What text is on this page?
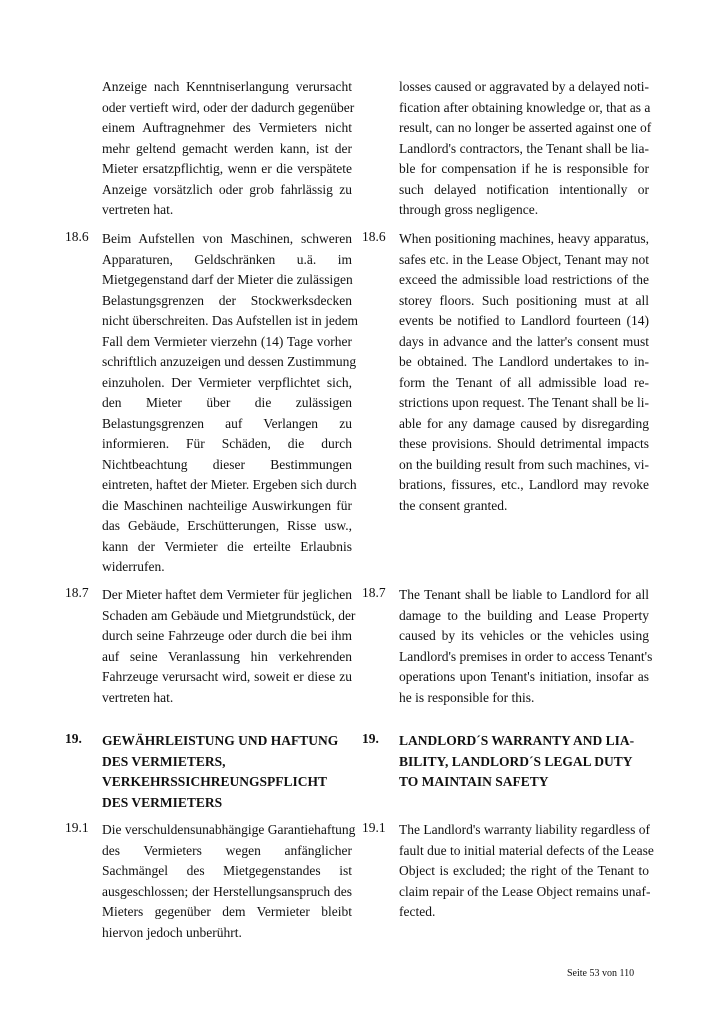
Anzeige nach Kenntniserlangung verursacht
oder vertieft wird, oder der dadurch gegenüber
einem Auftragnehmer des Vermieters nicht
mehr geltend gemacht werden kann, ist der
Mieter ersatzpflichtig, wenn er die verspätete
Anzeige vorsätzlich oder grob fahrlässig zu
vertreten hat.
18.6 Beim Aufstellen von Maschinen, schweren
Apparaturen, Geldschränken u.ä. im
Mietgegenstand darf der Mieter die zulässigen
Belastungsgrenzen der Stockwerksdecken
nicht überschreiten. Das Aufstellen ist in jedem
Fall dem Vermieter vierzehn (14) Tage vorher
schriftlich anzuzeigen und dessen Zustimmung
einzuholen. Der Vermieter verpflichtet sich,
den Mieter über die zulässigen
Belastungsgrenzen auf Verlangen zu
informieren. Für Schäden, die durch
Nichtbeachtung dieser Bestimmungen
eintreten, haftet der Mieter. Ergeben sich durch
die Maschinen nachteilige Auswirkungen für
das Gebäude, Erschütterungen, Risse usw.,
kann der Vermieter die erteilte Erlaubnis
widerrufen.
18.7 Der Mieter haftet dem Vermieter für jeglichen
Schaden am Gebäude und Mietgrundstück, der
durch seine Fahrzeuge oder durch die bei ihm
auf seine Veranlassung hin verkehrenden
Fahrzeuge verursacht wird, soweit er diese zu
vertreten hat.
19. GEWÄHRLEISTUNG UND HAFTUNG
DES VERMIETERS,
VERKEHRSSICHREUNGSPFLICHT
DES VERMIETERS
19.1 Die verschuldensunabhängige Garantiehaftung
des Vermieters wegen anfänglicher
Sachmängel des Mietgegenstandes ist
ausgeschlossen; der Herstellungsanspruch des
Mieters gegenüber dem Vermieter bleibt
hiervon jedoch unberührt.
losses caused or aggravated by a delayed noti-
fication after obtaining knowledge or, that as a
result, can no longer be asserted against one of
Landlord's contractors, the Tenant shall be lia-
ble for compensation if he is responsible for
such delayed notification intentionally or
through gross negligence.
18.6 When positioning machines, heavy apparatus,
safes etc. in the Lease Object, Tenant may not
exceed the admissible load restrictions of the
storey floors. Such positioning must at all
events be notified to Landlord fourteen (14)
days in advance and the latter's consent must
be obtained. The Landlord undertakes to in-
form the Tenant of all admissible load re-
strictions upon request. The Tenant shall be li-
able for any damage caused by disregarding
these provisions. Should detrimental impacts
on the building result from such machines, vi-
brations, fissures, etc., Landlord may revoke
the consent granted.
18.7 The Tenant shall be liable to Landlord for all
damage to the building and Lease Property
caused by its vehicles or the vehicles using
Landlord's premises in order to access Tenant's
operations upon Tenant's initiation, insofar as
he is responsible for this.
19. LANDLORD´S WARRANTY AND LIA-
BILITY, LANDLORD´S LEGAL DUTY
TO MAINTAIN SAFETY
19.1 The Landlord's warranty liability regardless of
fault due to initial material defects of the Lease
Object is excluded; the right of the Tenant to
claim repair of the Lease Object remains unaf-
fected.
Seite 53 von 110
